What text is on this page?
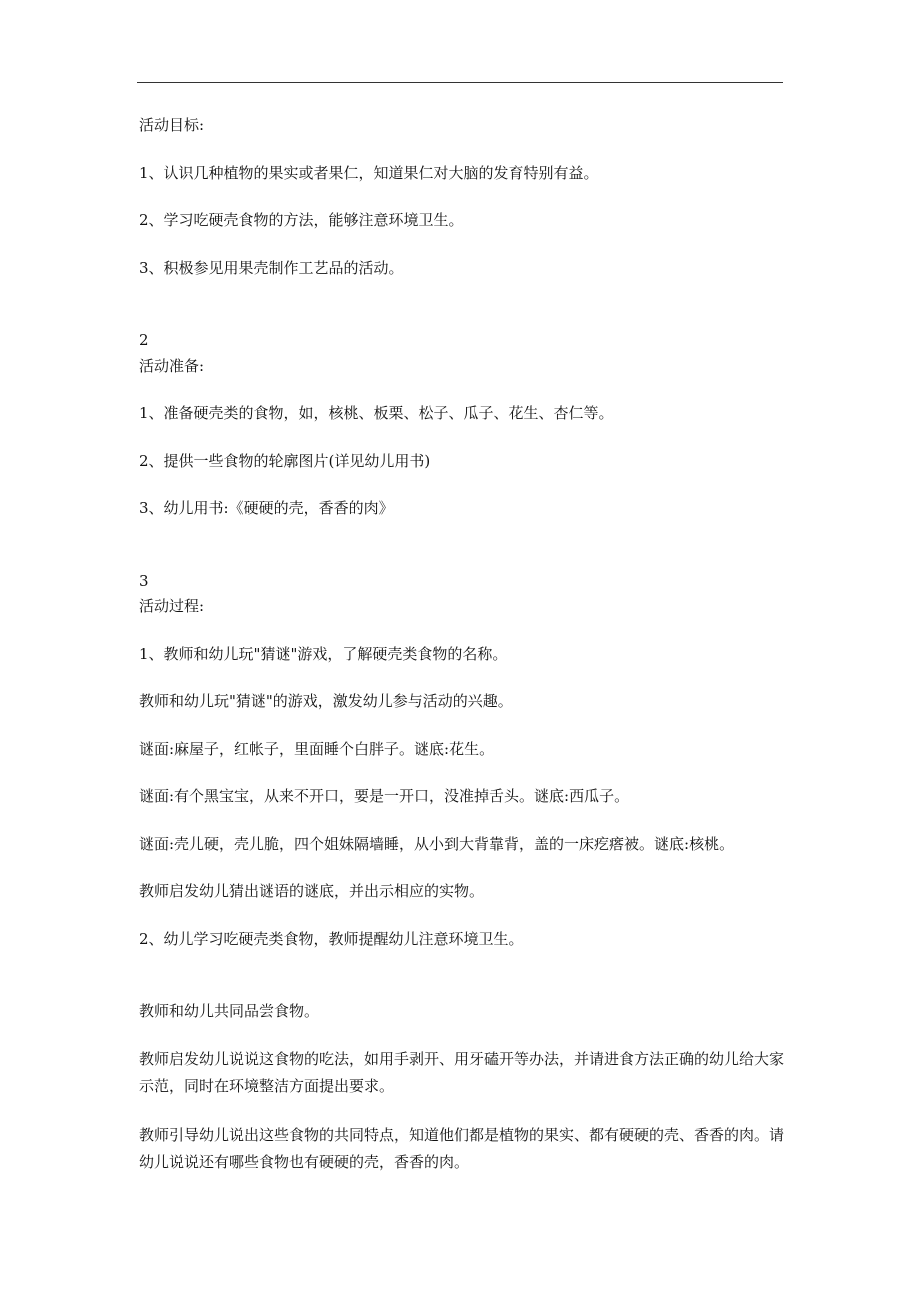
活动目标:

1、认识几种植物的果实或者果仁，知道果仁对大脑的发育特别有益。

2、学习吃硬壳食物的方法，能够注意环境卫生。

3、积极参见用果壳制作工艺品的活动。

2

活动准备:

1、准备硬壳类的食物，如，核桃、板栗、松子、瓜子、花生、杏仁等。

2、提供一些食物的轮廓图片(详见幼儿用书)

3、幼儿用书:《硬硬的壳，香香的肉》

3

活动过程:

1、教师和幼儿玩"猜谜"游戏，了解硬壳类食物的名称。

教师和幼儿玩"猜谜"的游戏，激发幼儿参与活动的兴趣。

谜面:麻屋子，红帐子，里面睡个白胖子。谜底:花生。

谜面:有个黑宝宝，从来不开口，要是一开口，没准掉舌头。谜底:西瓜子。

谜面:壳儿硬，壳儿脆，四个姐妹隔墙睡，从小到大背靠背，盖的一床疙瘩被。谜底:核桃。

教师启发幼儿猜出谜语的谜底，并出示相应的实物。

2、幼儿学习吃硬壳类食物，教师提醒幼儿注意环境卫生。

教师和幼儿共同品尝食物。

教师启发幼儿说说这食物的吃法，如用手剥开、用牙磕开等办法，并请进食方法正确的幼儿给大家示范，同时在环境整洁方面提出要求。

教师引导幼儿说出这些食物的共同特点，知道他们都是植物的果实、都有硬硬的壳、香香的肉。请幼儿说说还有哪些食物也有硬硬的壳，香香的肉。
